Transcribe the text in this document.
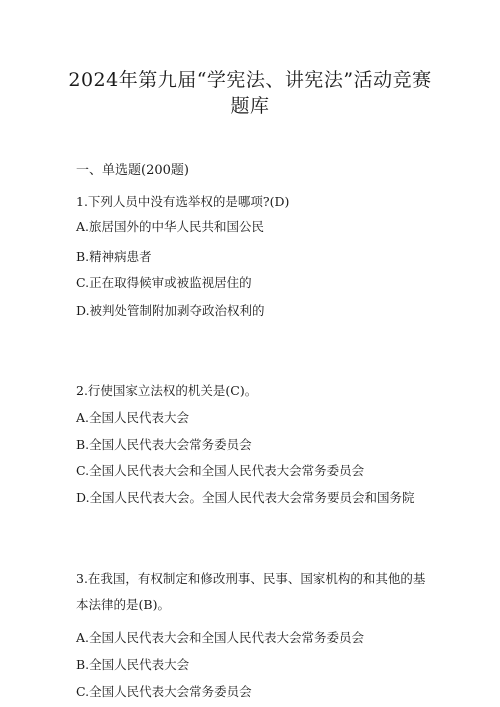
2024年第九届“学宪法、讲宪法”活动竞赛
题库
一、单选题(200题)
1.下列人员中没有选举权的是哪项?(D)
A.旅居国外的中华人民共和国公民
B.精神病患者
C.正在取得候审或被监视居住的
D.被判处管制附加剥夺政治权利的
2.行使国家立法权的机关是(C)。
A.全国人民代表大会
B.全国人民代表大会常务委员会
C.全国人民代表大会和全国人民代表大会常务委员会
D.全国人民代表大会。全国人民代表大会常务要员会和国务院
3.在我国，有权制定和修改刑事、民事、国家机构的和其他的基
本法律的是(B)。
A.全国人民代表大会和全国人民代表大会常务委员会
B.全国人民代表大会
C.全国人民代表大会常务委员会
